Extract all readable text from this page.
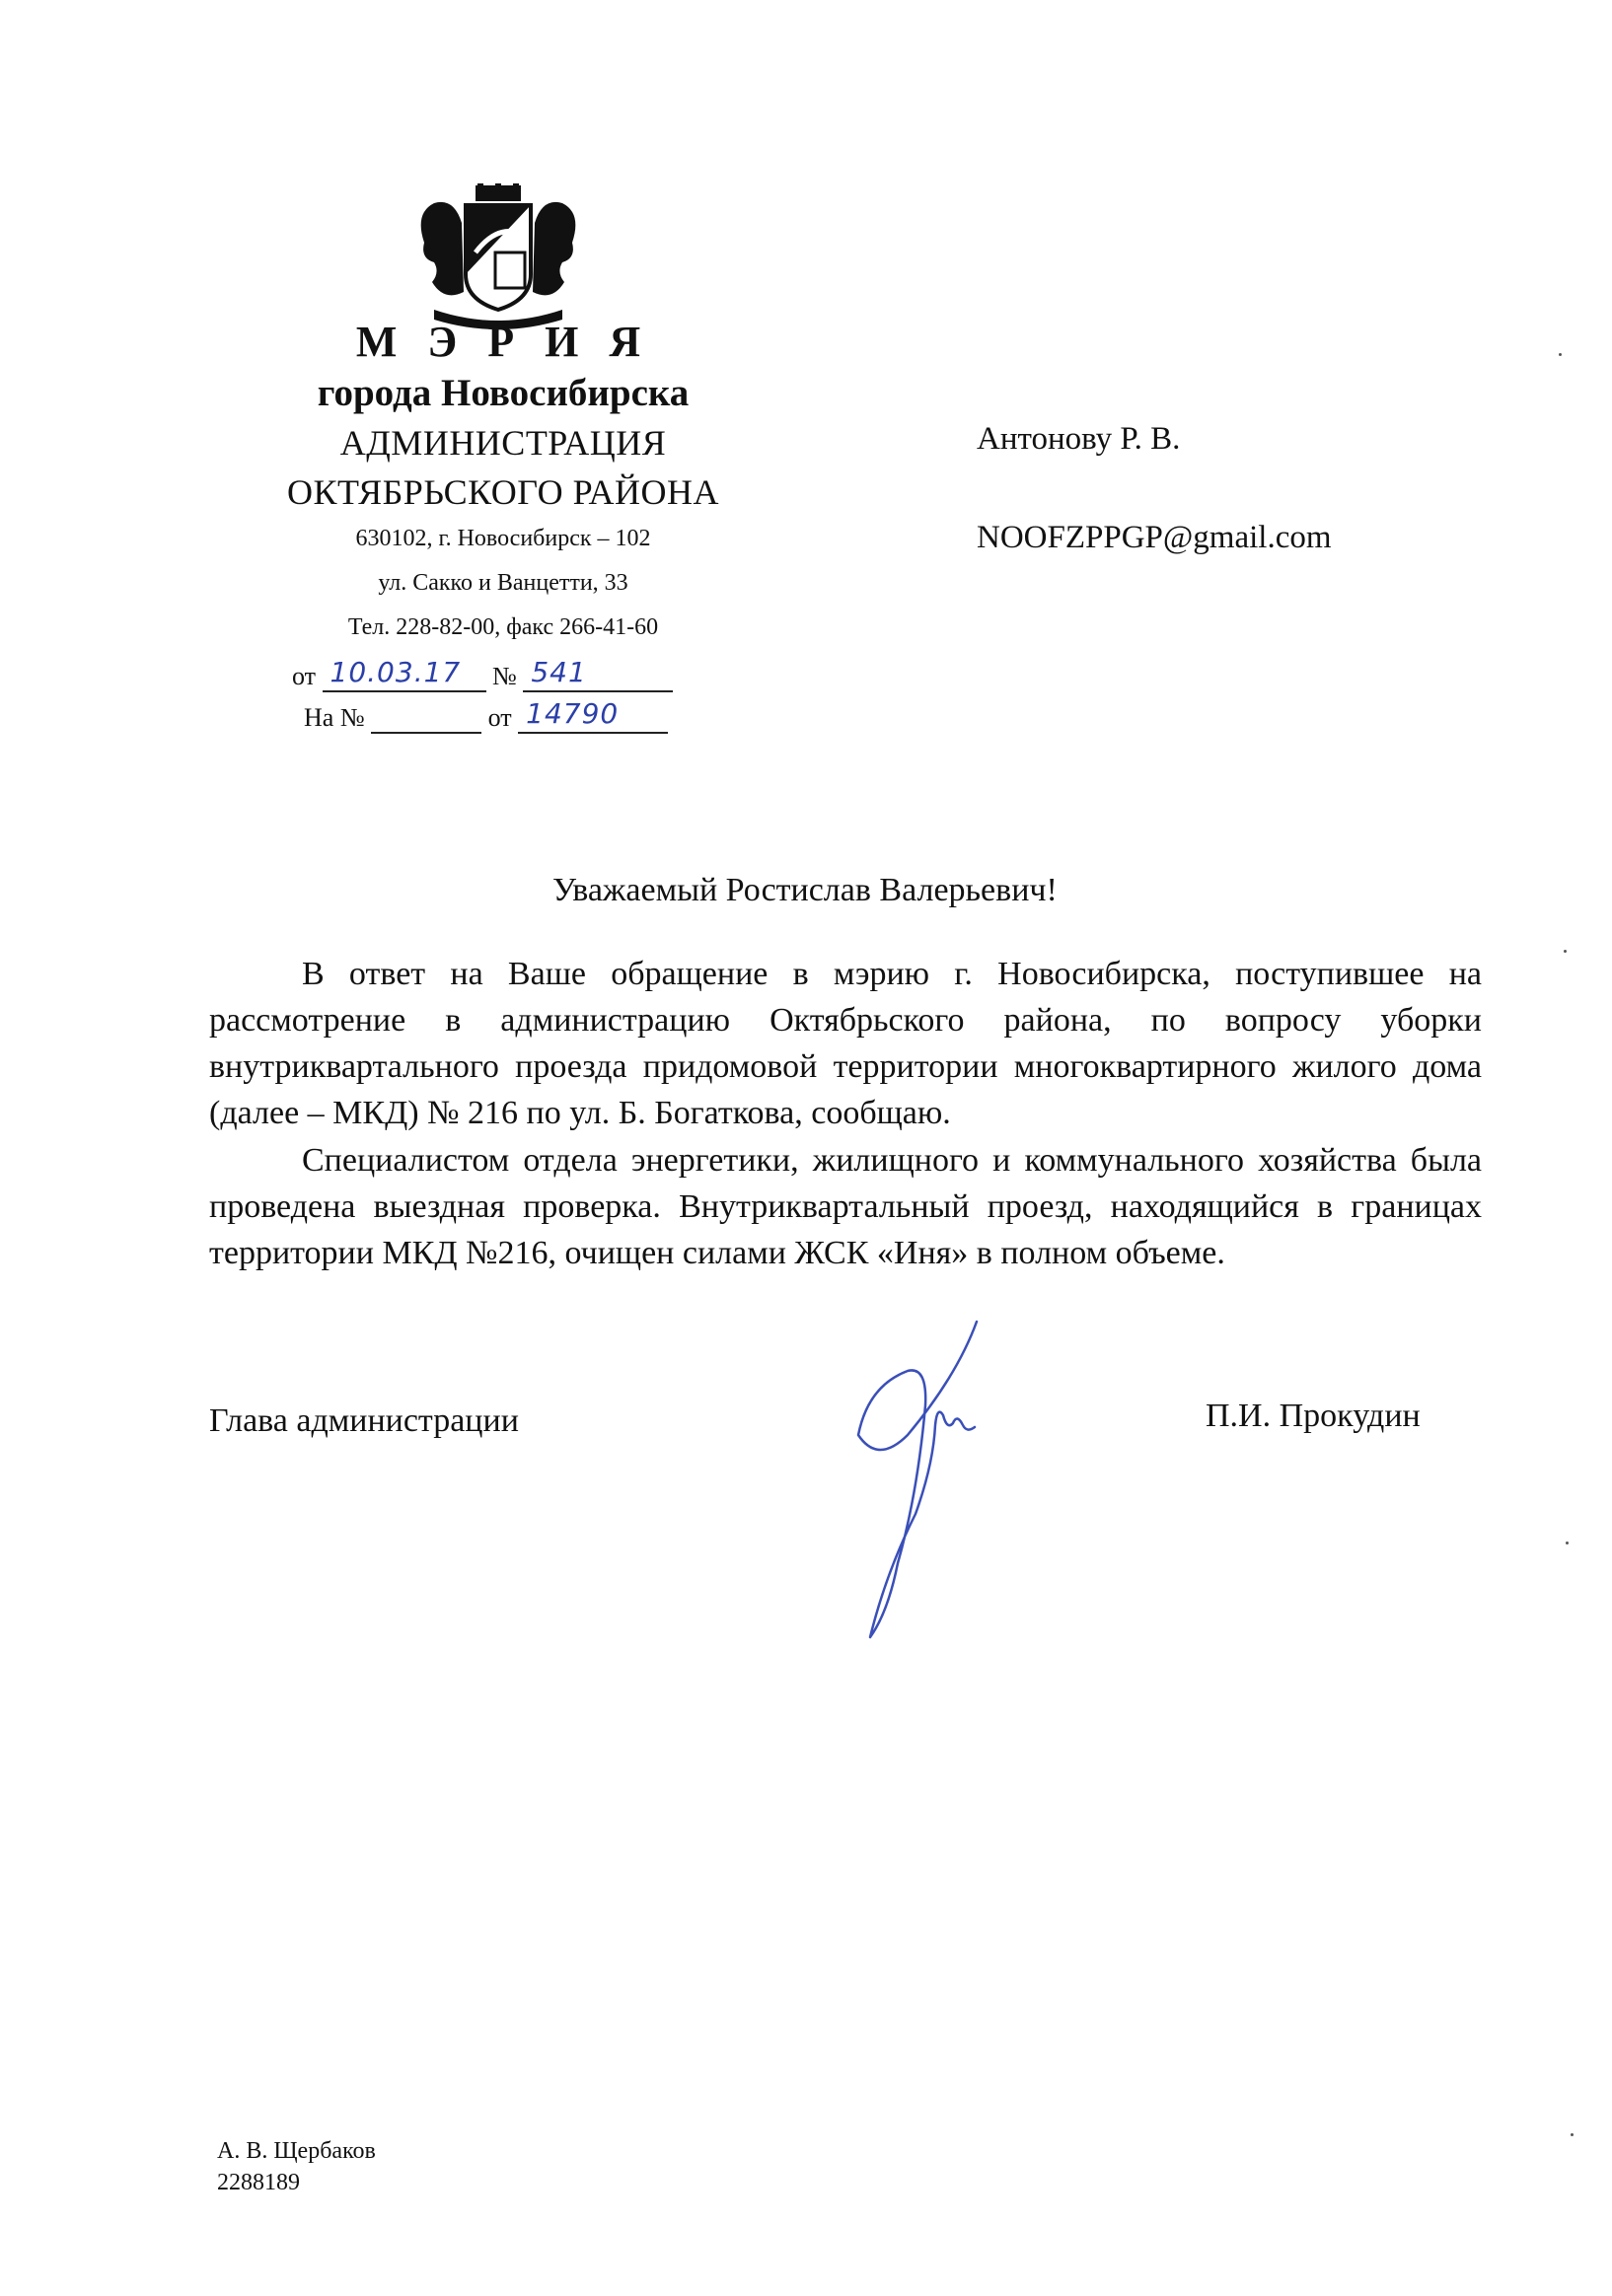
М Э Р И Я
города Новосибирска
АДМИНИСТРАЦИЯ
ОКТЯБРЬСКОГО РАЙОНА
630102, г. Новосибирск – 102
ул. Сакко и Ванцетти, 33
Тел. 228-82-00, факс 266-41-60
от 10.03.17 № 541
На №	от 14790
Антонову Р. В.
NOOFZPPGP@gmail.com
Уважаемый Ростислав Валерьевич!
В ответ на Ваше обращение в мэрию г. Новосибирска, поступившее на рассмотрение в администрацию Октябрьского района, по вопросу уборки внутриквартального проезда придомовой территории многоквартирного жилого дома (далее – МКД) № 216 по ул. Б. Богаткова, сообщаю.
Специалистом отдела энергетики, жилищного и коммунального хозяйства была проведена выездная проверка. Внутриквартальный проезд, находящийся в границах территории МКД №216, очищен силами ЖСК «Иня» в полном объеме.
Глава администрации	П.И. Прокудин
А. В. Щербаков
2288189
